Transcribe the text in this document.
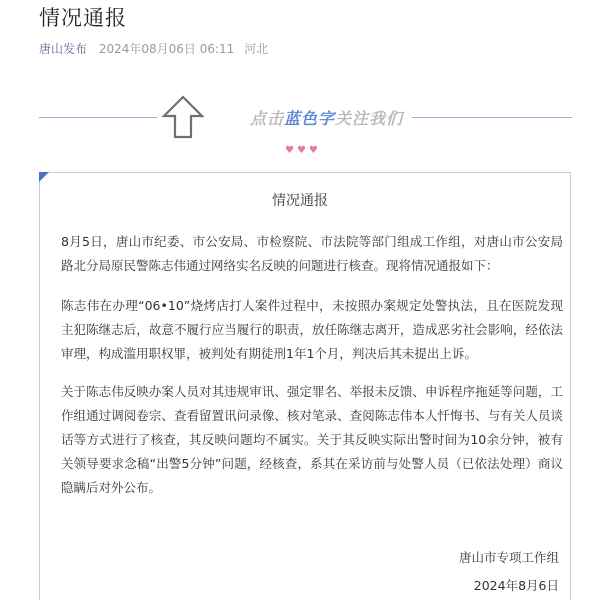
情况通报
唐山发布 2024年08月06日 06:11 河北
点击蓝色字关注我们
♥♥♥
情况通报
8月5日，唐山市纪委、市公安局、市检察院、市法院等部门组成工作组，对唐山市公安局路北分局原民警陈志伟通过网络实名反映的问题进行核查。现将情况通报如下：
陈志伟在办理“06•10”烧烤店打人案件过程中，未按照办案规定处警执法，且在医院发现主犯陈继志后，故意不履行应当履行的职责，放任陈继志离开，造成恶劣社会影响，经依法审理，构成滥用职权罪，被判处有期徒刑1年1个月，判决后其未提出上诉。
关于陈志伟反映办案人员对其违规审讯、强定罪名、举报未反馈、申诉程序拖延等问题，工作组通过调阅卷宗、查看留置讯问录像、核对笔录、查阅陈志伟本人忏悔书、与有关人员谈话等方式进行了核查，其反映问题均不属实。关于其反映实际出警时间为10余分钟，被有关领导要求念稿“出警5分钟”问题，经核查，系其在采访前与处警人员（已依法处理）商议隐瞒后对外公布。
唐山市专项工作组
2024年8月6日
